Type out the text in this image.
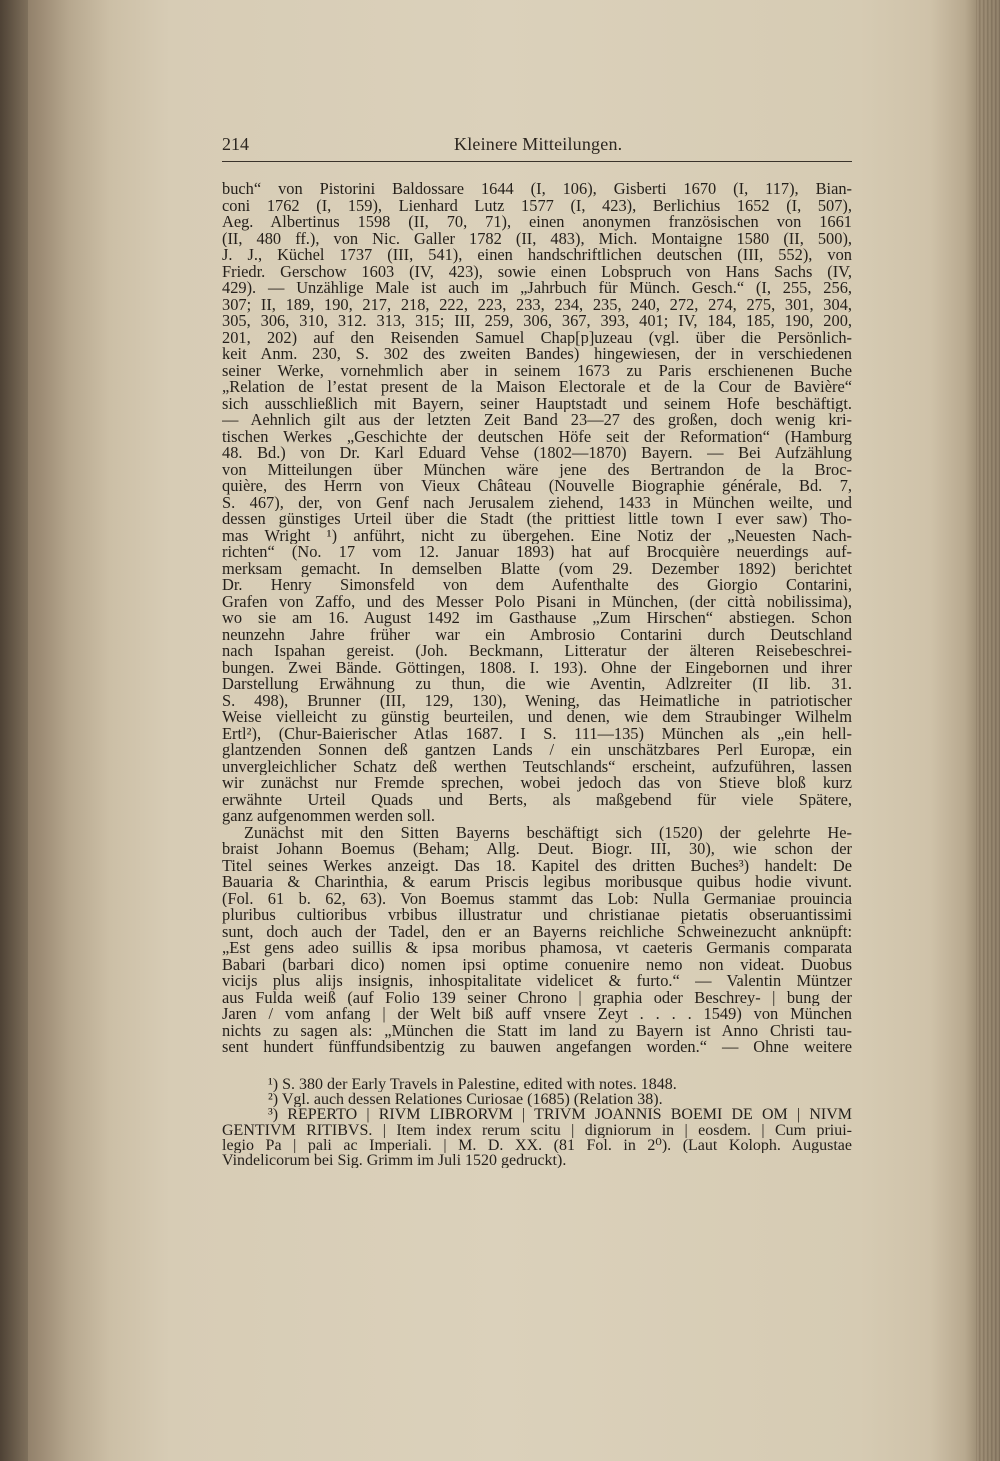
214	Kleinere Mitteilungen.
buch“ von Pistorini Baldossare 1644 (I, 106), Gisberti 1670 (I, 117), Bian-
coni 1762 (I, 159), Lienhard Lutz 1577 (I, 423), Berlichius 1652 (I, 507),
Aeg. Albertinus 1598 (II, 70, 71), einen anonymen französischen von 1661
(II, 480 ff.), von Nic. Galler 1782 (II, 483), Mich. Montaigne 1580 (II, 500),
J. J., Küchel 1737 (III, 541), einen handschriftlichen deutschen (III, 552), von
Friedr. Gerschow 1603 (IV, 423), sowie einen Lobspruch von Hans Sachs (IV,
429). — Unzählige Male ist auch im „Jahrbuch für Münch. Gesch.“ (I, 255, 256,
307; II, 189, 190, 217, 218, 222, 223, 233, 234, 235, 240, 272, 274, 275, 301, 304,
305, 306, 310, 312. 313, 315; III, 259, 306, 367, 393, 401; IV, 184, 185, 190, 200,
201, 202) auf den Reisenden Samuel Chap[p]uzeau (vgl. über die Persönlich-
keit Anm. 230, S. 302 des zweiten Bandes) hingewiesen, der in verschiedenen
seiner Werke, vornehmlich aber in seinem 1673 zu Paris erschienenen Buche
„Relation de l’estat present de la Maison Electorale et de la Cour de Bavière“
sich ausschließlich mit Bayern, seiner Hauptstadt und seinem Hofe beschäftigt.
— Aehnlich gilt aus der letzten Zeit Band 23—27 des großen, doch wenig kri-
tischen Werkes „Geschichte der deutschen Höfe seit der Reformation“ (Hamburg
48. Bd.) von Dr. Karl Eduard Vehse (1802—1870) Bayern. — Bei Aufzählung
von Mitteilungen über München wäre jene des Bertrandon de la Broc-
quière, des Herrn von Vieux Château (Nouvelle Biographie générale, Bd. 7,
S. 467), der, von Genf nach Jerusalem ziehend, 1433 in München weilte, und
dessen günstiges Urteil über die Stadt (the prittiest little town I ever saw) Tho-
mas Wright ¹) anführt, nicht zu übergehen. Eine Notiz der „Neuesten Nach-
richten“ (No. 17 vom 12. Januar 1893) hat auf Brocquière neuerdings auf-
merksam gemacht. In demselben Blatte (vom 29. Dezember 1892) berichtet
Dr. Henry Simonsfeld von dem Aufenthalte des Giorgio Contarini,
Grafen von Zaffo, und des Messer Polo Pisani in München, (der città nobilissima),
wo sie am 16. August 1492 im Gasthause „Zum Hirschen“ abstiegen. Schon
neunzehn Jahre früher war ein Ambrosio Contarini durch Deutschland
nach Ispahan gereist. (Joh. Beckmann, Litteratur der älteren Reisebeschrei-
bungen. Zwei Bände. Göttingen, 1808. I. 193). Ohne der Eingebornen und ihrer
Darstellung Erwähnung zu thun, die wie Aventin, Adlzreiter (II lib. 31.
S. 498), Brunner (III, 129, 130), Wening, das Heimatliche in patriotischer
Weise vielleicht zu günstig beurteilen, und denen, wie dem Straubinger Wilhelm
Ertl²), (Chur-Baierischer Atlas 1687. I S. 111—135) München als „ein hell-
glantzenden Sonnen deß gantzen Lands / ein unschätzbares Perl Europæ, ein
unvergleichlicher Schatz deß werthen Teutschlands“ erscheint, aufzuführen, lassen
wir zunächst nur Fremde sprechen, wobei jedoch das von Stieve bloß kurz
erwähnte Urteil Quads und Berts, als maßgebend für viele Spätere,
ganz aufgenommen werden soll.
Zunächst mit den Sitten Bayerns beschäftigt sich (1520) der gelehrte He-
braist Johann Boemus (Beham; Allg. Deut. Biogr. III, 30), wie schon der
Titel seines Werkes anzeigt. Das 18. Kapitel des dritten Buches³) handelt: De
Bauaria & Charinthia, & earum Priscis legibus moribusque quibus hodie vivunt.
(Fol. 61 b. 62, 63). Von Boemus stammt das Lob: Nulla Germaniae prouincia
pluribus cultioribus vrbibus illustratur und christianae pietatis obseruantissimi
sunt, doch auch der Tadel, den er an Bayerns reichliche Schweinezucht anknüpft:
„Est gens adeo suillis & ipsa moribus phamosa, vt caeteris Germanis comparata
Babari (barbari dico) nomen ipsi optime conuenire nemo non videat. Duobus
vicijs plus alijs insignis, inhospitalitate videlicet & furto.“ — Valentin Müntzer
aus Fulda weiß (auf Folio 139 seiner Chrono | graphia oder Beschrey- | bung der
Jaren / vom anfang | der Welt biß auff vnsere Zeyt . . . . 1549) von München
nichts zu sagen als: „München die Statt im land zu Bayern ist Anno Christi tau-
sent hundert fünffundsibentzig zu bauwen angefangen worden.“ — Ohne weitere
¹) S. 380 der Early Travels in Palestine, edited with notes. 1848.
²) Vgl. auch dessen Relationes Curiosae (1685) (Relation 38).
³) REPERTO | RIVM LIBRORVM | TRIVM JOANNIS BOEMI DE OM | NIVM
GENTIVM RITIBVS. | Item index rerum scitu | digniorum in | eosdem. | Cum priui-
legio Pa | pali ac Imperiali. | M. D. XX. (81 Fol. in 2⁰). (Laut Koloph. Augustae
Vindelicorum bei Sig. Grimm im Juli 1520 gedruckt).
